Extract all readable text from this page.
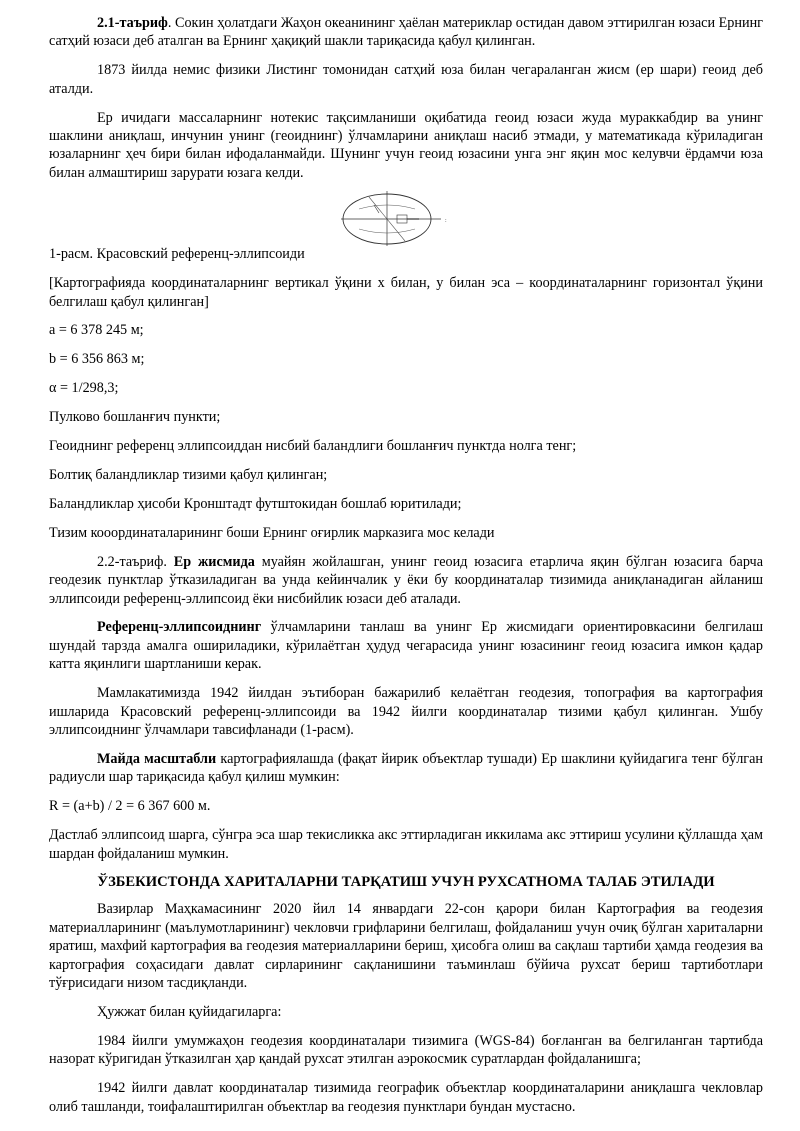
2.1-таъриф. Сокин ҳолатдаги Жаҳон океанининг ҳаёлан материклар остидан давом эттирилган юзаси Ернинг сатҳий юзаси деб аталган ва Ернинг ҳақиқий шакли тариқасида қабул қилинган.

1873 йилда немис физики Листинг томонидан сатҳий юза билан чегараланган жисм (ер шари) геоид деб аталди.

Ер ичидаги массаларнинг нотекис тақсимланиши оқибатида геоид юзаси жуда мураккабдир ва унинг шаклини аниқлаш, инчунин унинг (геоиднинг) ўлчамларини аниқлаш насиб этмади, у математикада кўриладиган юзаларнинг ҳеч бири билан ифодаланмайди. Шунинг учун геоид юзасини унга энг яқин мос келувчи ёрдамчи юза билан алмаштириш зарурати юзага келди.

:

1-расм. Красовский референц-эллипсоиди

[Картографияда координаталарнинг вертикал ўқини x билан, у билан эса – координаталарнинг горизонтал ўқини белгилаш қабул қилинган]

a = 6 378 245 м;

b = 6 356 863 м;

α = 1/298,3;

Пулково бошланғич пункти;

Геоиднинг референц эллипсоиддан нисбий баландлиги бошланғич пунктда нолга тенг;

Болтиқ баландликлар тизими қабул қилинган;

Баландликлар ҳисоби Кронштадт футштокидан бошлаб юритилади;

Тизим кооординаталарининг боши Ернинг оғирлик марказига мос келади

2.2-таъриф. Ер жисмида муайян жойлашган, унинг геоид юзасига етарлича яқин бўлган юзасига барча геодезик пунктлар ўтказиладиган ва унда кейинчалик у ёки бу координаталар тизимида аниқланадиган айланиш эллипсоиди референц-эллипсоид ёки нисбийлик юзаси деб аталади.

Референц-эллипсоиднинг ўлчамларини танлаш ва унинг Ер жисмидаги ориентировкасини белгилаш шундай тарзда амалга ошириладики, кўрилаётган ҳудуд чегарасида унинг юзасининг геоид юзасига имкон қадар катта яқинлиги шартланиши керак.

Мамлакатимизда 1942 йилдан эътиборан бажарилиб келаётган геодезия, топография ва картография ишларида Красовский референц-эллипсоиди ва 1942 йилги координаталар тизими қабул қилинган. Ушбу эллипсоиднинг ўлчамлари тавсифланади (1-расм).

Майда масштабли картографиялашда (фақат йирик объектлар тушади) Ер шаклини қуйидагига тенг бўлган радиусли шар тариқасида қабул қилиш мумкин:

R = (a+b) / 2 = 6 367 600 м.

Дастлаб эллипсоид шарга, сўнгра эса шар текисликка акс эттирладиган иккилама акс эттириш усулини қўллашда ҳам шардан фойдаланиш мумкин.

ЎЗБЕКИСТОНДА ХАРИТАЛАРНИ ТАРҚАТИШ УЧУН РУХСАТНОМА ТАЛАБ ЭТИЛАДИ

Вазирлар Маҳкамасининг 2020 йил 14 январдаги 22-сон қарори билан Картография ва геодезия материалларининг (маълумотларининг) чекловчи грифларини белгилаш, фойдаланиш учун очиқ бўлган хариталарни яратиш, махфий картография ва геодезия материалларини бериш, ҳисобга олиш ва сақлаш тартиби ҳамда геодезия ва картография соҳасидаги давлат сирларининг сақланишини таъминлаш бўйича рухсат бериш тартиботлари тўғрисидаги низом тасдиқланди.

Ҳужжат билан қуйидагиларга:

1984 йилги умумжаҳон геодезия координаталари тизимига (WGS-84) боғланган ва белгиланган тартибда назорат кўригидан ўтказилган ҳар қандай рухсат этилган аэрокосмик суратлардан фойдаланишга;

1942 йилги давлат координаталар тизимида географик объектлар координаталарини аниқлашга чекловлар олиб ташланди, тоифалаштирилган объектлар ва геодезия пунктлари бундан мустасно.
